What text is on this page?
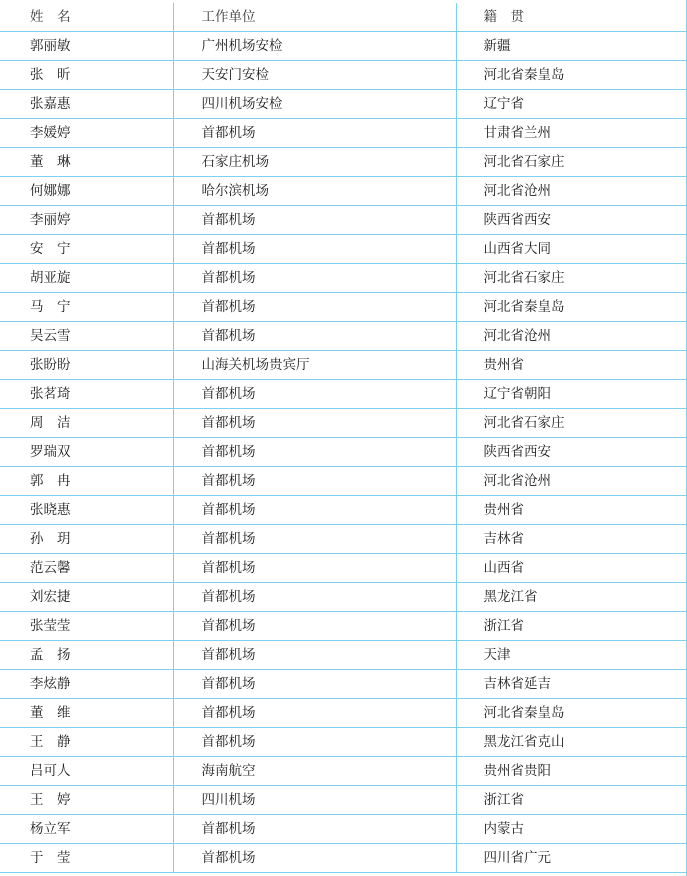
姓　名	工作单位	籍　贯
郭丽敏	广州机场安检	新疆
张　昕	天安门安检	河北省秦皇岛
张嘉惠	四川机场安检	辽宁省
李媛婷	首都机场	甘肃省兰州
董　琳	石家庄机场	河北省石家庄
何娜娜	哈尔滨机场	河北省沧州
李丽婷	首都机场	陕西省西安
安　宁	首都机场	山西省大同
胡亚旋	首都机场	河北省石家庄
马　宁	首都机场	河北省秦皇岛
吴云雪	首都机场	河北省沧州
张盼盼	山海关机场贵宾厅	贵州省
张茗琦	首都机场	辽宁省朝阳
周　洁	首都机场	河北省石家庄
罗瑞双	首都机场	陕西省西安
郭　冉	首都机场	河北省沧州
张晓惠	首都机场	贵州省
孙　玥	首都机场	吉林省
范云馨	首都机场	山西省
刘宏捷	首都机场	黑龙江省
张莹莹	首都机场	浙江省
孟　扬	首都机场	天津
李炫静	首都机场	吉林省延吉
董　维	首都机场	河北省秦皇岛
王　静	首都机场	黑龙江省克山
吕可人	海南航空	贵州省贵阳
王　婷	四川机场	浙江省
杨立军	首都机场	内蒙古
于　莹	首都机场	四川省广元
